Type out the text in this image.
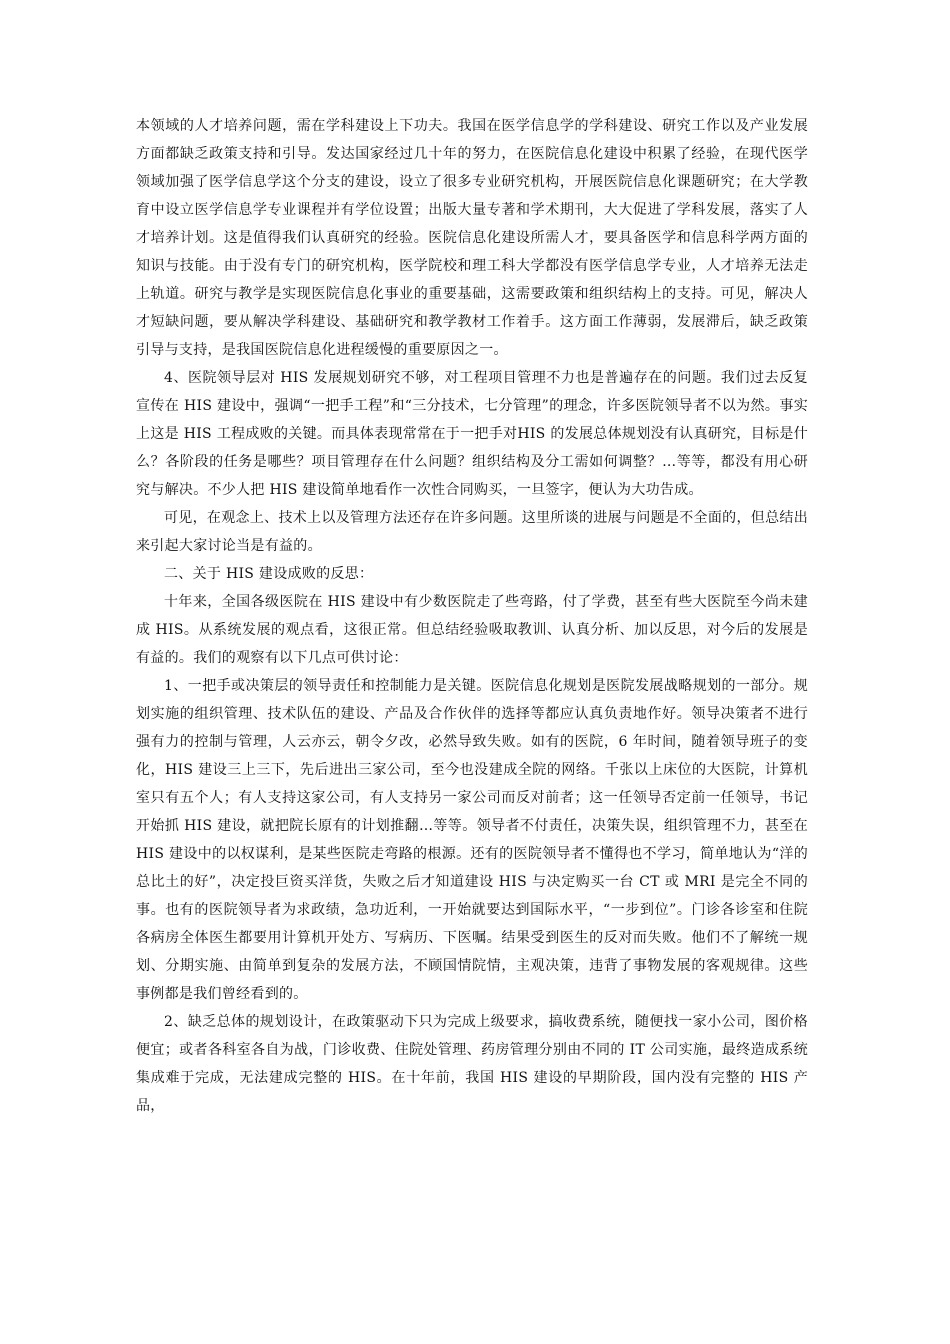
本领域的人才培养问题，需在学科建设上下功夫。我国在医学信息学的学科建设、研究工作以及产业发展方面都缺乏政策支持和引导。发达国家经过几十年的努力，在医院信息化建设中积累了经验，在现代医学领域加强了医学信息学这个分支的建设，设立了很多专业研究机构，开展医院信息化课题研究；在大学教育中设立医学信息学专业课程并有学位设置；出版大量专著和学术期刊，大大促进了学科发展，落实了人才培养计划。这是值得我们认真研究的经验。医院信息化建设所需人才，要具备医学和信息科学两方面的知识与技能。由于没有专门的研究机构，医学院校和理工科大学都没有医学信息学专业，人才培养无法走上轨道。研究与教学是实现医院信息化事业的重要基础，这需要政策和组织结构上的支持。可见，解决人才短缺问题，要从解决学科建设、基础研究和教学教材工作着手。这方面工作薄弱，发展滞后，缺乏政策引导与支持，是我国医院信息化进程缓慢的重要原因之一。

4、医院领导层对 HIS 发展规划研究不够，对工程项目管理不力也是普遍存在的问题。我们过去反复宣传在 HIS 建设中，强调“一把手工程”和“三分技术，七分管理”的理念，许多医院领导者不以为然。事实上这是 HIS 工程成败的关键。而具体表现常常在于一把手对HIS 的发展总体规划没有认真研究，目标是什么？各阶段的任务是哪些？项目管理存在什么问题？组织结构及分工需如何调整？…等等，都没有用心研究与解决。不少人把 HIS 建设简单地看作一次性合同购买，一旦签字，便认为大功告成。

可见，在观念上、技术上以及管理方法还存在许多问题。这里所谈的进展与问题是不全面的，但总结出来引起大家讨论当是有益的。

二、关于 HIS 建设成败的反思：

十年来，全国各级医院在 HIS 建设中有少数医院走了些弯路，付了学费，甚至有些大医院至今尚未建成 HIS。从系统发展的观点看，这很正常。但总结经验吸取教训、认真分析、加以反思，对今后的发展是有益的。我们的观察有以下几点可供讨论：

1、一把手或决策层的领导责任和控制能力是关键。医院信息化规划是医院发展战略规划的一部分。规划实施的组织管理、技术队伍的建设、产品及合作伙伴的选择等都应认真负责地作好。领导决策者不进行强有力的控制与管理，人云亦云，朝令夕改，必然导致失败。如有的医院，6 年时间，随着领导班子的变化，HIS 建设三上三下，先后进出三家公司，至今也没建成全院的网络。千张以上床位的大医院，计算机室只有五个人；有人支持这家公司，有人支持另一家公司而反对前者；这一任领导否定前一任领导，书记开始抓 HIS 建设，就把院长原有的计划推翻…等等。领导者不付责任，决策失误，组织管理不力，甚至在 HIS 建设中的以权谋利，是某些医院走弯路的根源。还有的医院领导者不懂得也不学习，简单地认为“洋的总比土的好”，决定投巨资买洋货，失败之后才知道建设 HIS 与决定购买一台 CT 或 MRI 是完全不同的事。也有的医院领导者为求政绩，急功近利，一开始就要达到国际水平，“一步到位”。门诊各诊室和住院各病房全体医生都要用计算机开处方、写病历、下医嘱。结果受到医生的反对而失败。他们不了解统一规划、分期实施、由简单到复杂的发展方法，不顾国情院情，主观决策，违背了事物发展的客观规律。这些事例都是我们曾经看到的。

2、缺乏总体的规划设计，在政策驱动下只为完成上级要求，搞收费系统，随便找一家小公司，图价格便宜；或者各科室各自为战，门诊收费、住院处管理、药房管理分别由不同的 IT 公司实施，最终造成系统集成难于完成，无法建成完整的 HIS。在十年前，我国 HIS 建设的早期阶段，国内没有完整的 HIS 产品，
